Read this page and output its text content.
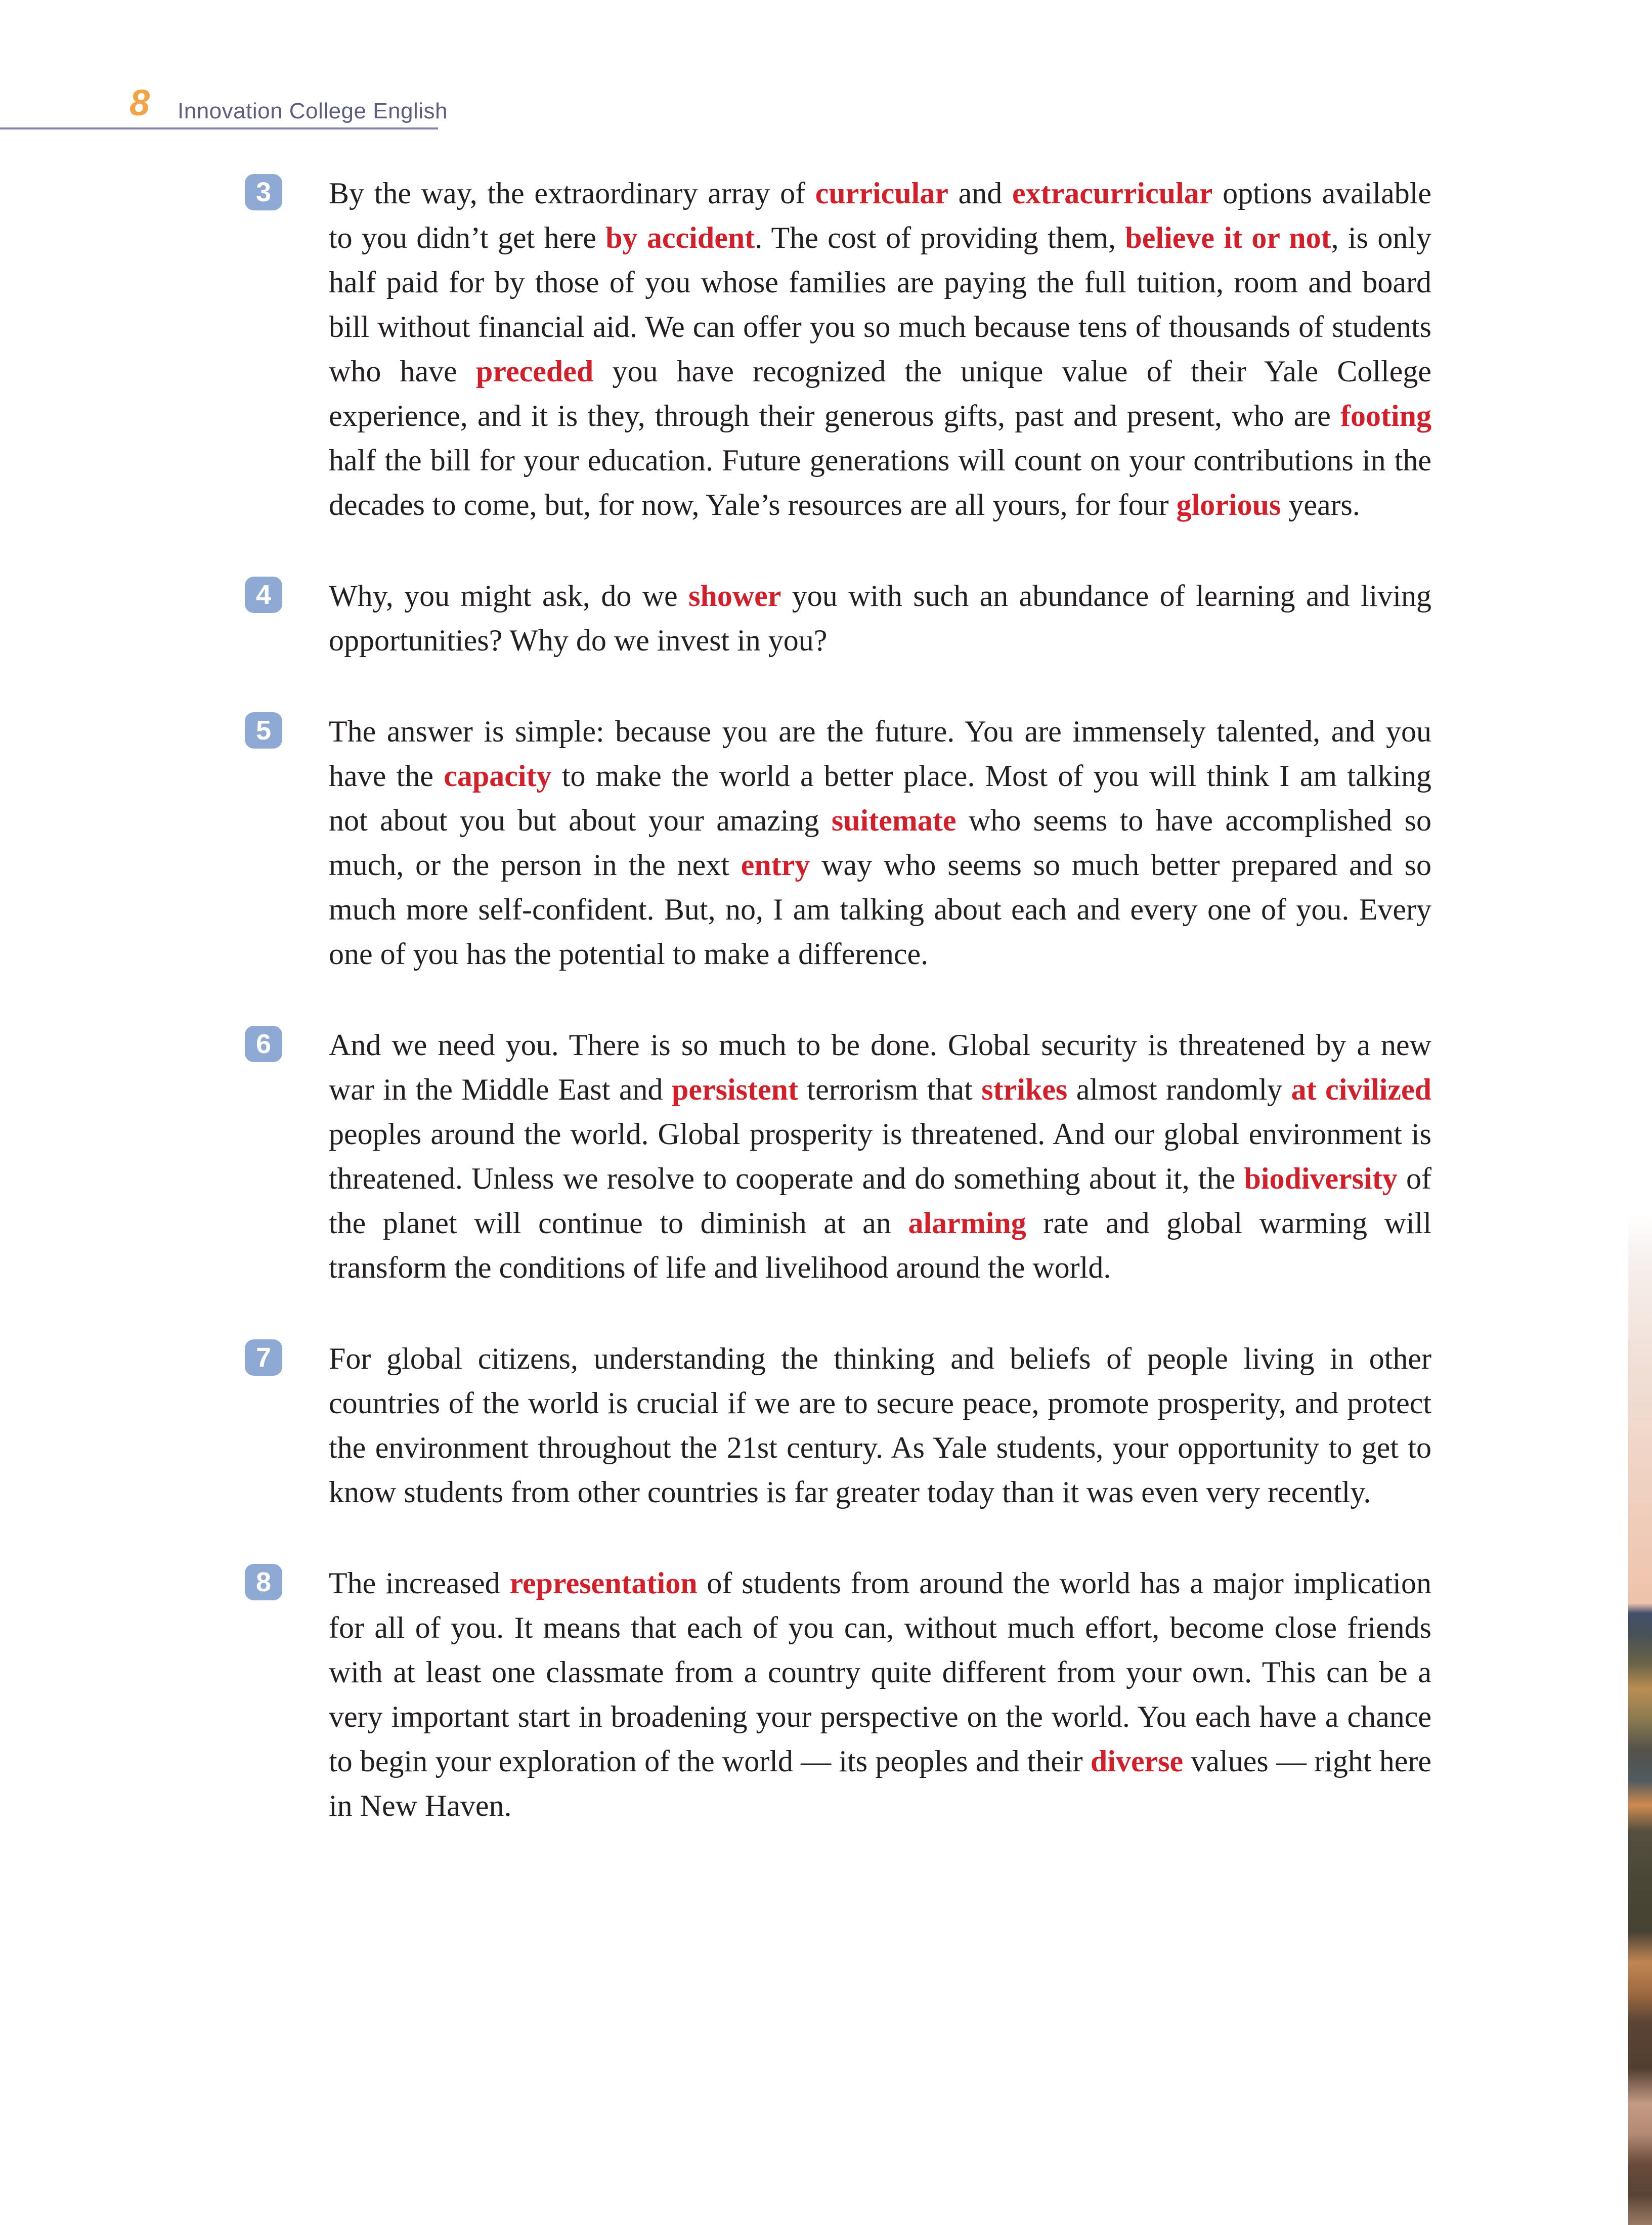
8 Innovation College English
3	By the way, the extraordinary array of curricular and extracurricular options available to you didn’t get here by accident. The cost of providing them, believe it or not, is only half paid for by those of you whose families are paying the full tuition, room and board bill without financial aid. We can offer you so much because tens of thousands of students who have preceded you have recognized the unique value of their Yale College experience, and it is they, through their generous gifts, past and present, who are footing half the bill for your education. Future generations will count on your contributions in the decades to come, but, for now, Yale’s resources are all yours, for four glorious years.

4	Why, you might ask, do we shower you with such an abundance of learning and living opportunities? Why do we invest in you?

5	The answer is simple: because you are the future. You are immensely talented, and you have the capacity to make the world a better place. Most of you will think I am talking not about you but about your amazing suitemate who seems to have accomplished so much, or the person in the next entry way who seems so much better prepared and so much more self-confident. But, no, I am talking about each and every one of you. Every one of you has the potential to make a difference.

6	And we need you. There is so much to be done. Global security is threatened by a new war in the Middle East and persistent terrorism that strikes almost randomly at civilized peoples around the world. Global prosperity is threatened. And our global environment is threatened. Unless we resolve to cooperate and do something about it, the biodiversity of the planet will continue to diminish at an alarming rate and global warming will transform the conditions of life and livelihood around the world.

7	For global citizens, understanding the thinking and beliefs of people living in other countries of the world is crucial if we are to secure peace, promote prosperity, and protect the environment throughout the 21st century. As Yale students, your opportunity to get to know students from other countries is far greater today than it was even very recently.

8	The increased representation of students from around the world has a major implication for all of you. It means that each of you can, without much effort, become close friends with at least one classmate from a country quite different from your own. This can be a very important start in broadening your perspective on the world. You each have a chance to begin your exploration of the world — its peoples and their diverse values — right here in New Haven.
